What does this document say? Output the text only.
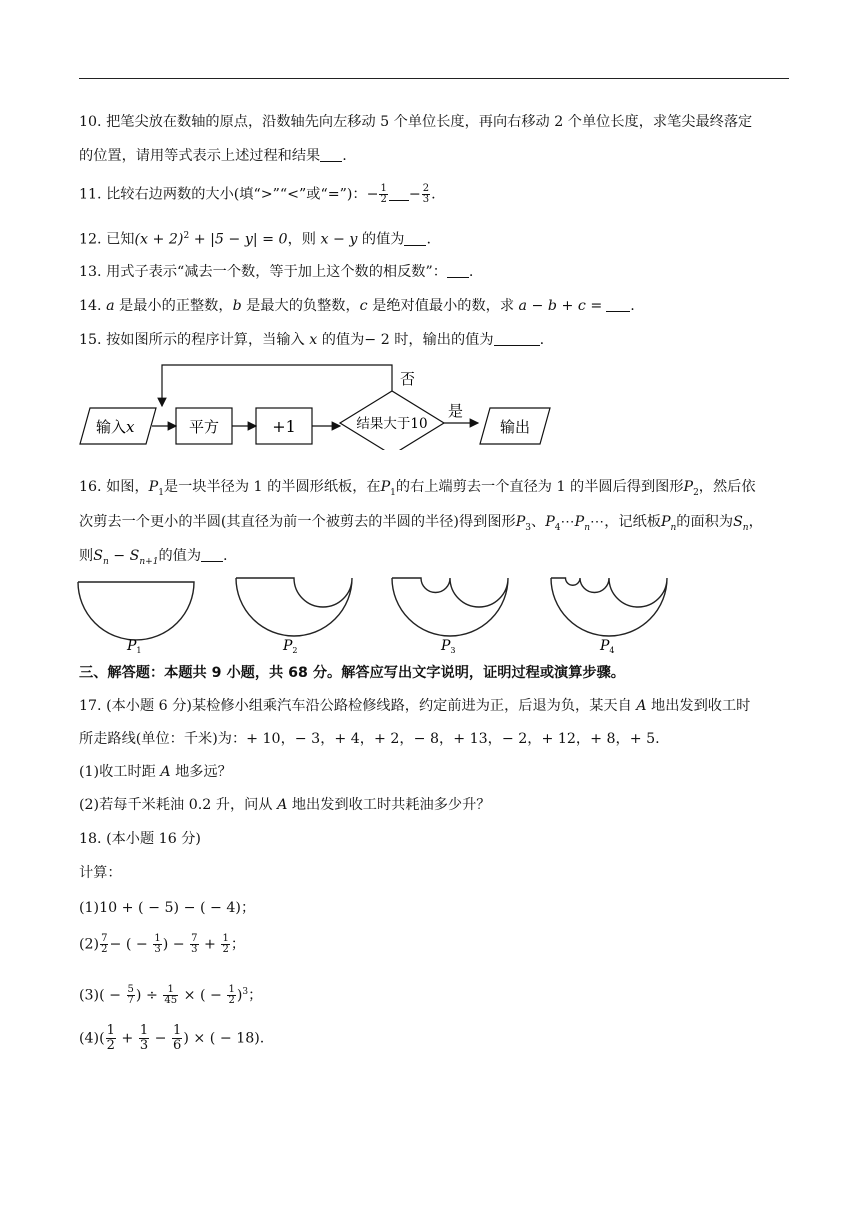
10. 把笔尖放在数轴的原点，沿数轴先向左移动 5 个单位长度，再向右移动 2 个单位长度，求笔尖最终落定
的位置，请用等式表示上述过程和结果 .
11. 比较右边两数的大小(填“>”“<”或“=”)：− $\frac{1}{2} - \frac{2}{3}$ .
12. 已知$(x + 2)^2 + |5 - y| = 0$，则 x − y 的值为 .
13. 用式子表示“减去一个数，等于加上这个数的相反数”： .
14. a 是最小的正整数，b 是最大的负整数，c 是绝对值最小的数，求 a − b + c = .
15. 按如图所示的程序计算，当输入 x 的值为− 2 时，输出的值为	.
输入x	平方	+1	结果大于10
否
是
输出
16. 如图，$P_1$是一块半径为 1 的半圆形纸板，在$P_1$的右上端剪去一个直径为 1 的半圆后得到图形$P_2$，然后依
次剪去一个更小的半圆(其直径为前一个被剪去的半圆的半径)得到图形$P_3$、$P_4\cdots P_n\cdots$，记纸板$P_n$的面积为$S_n$，
则$S_n - S_{n+1}$的值为 .
$P_1$	$P_2$	$P_3$	$P_4$
三、解答题：本题共 9 小题，共 68 分。解答应写出文字说明，证明过程或演算步骤。
17. (本小题 6 分)某检修小组乘汽车沿公路检修线路，约定前进为正，后退为负，某天自 A 地出发到收工时
所走路线(单位：千米)为：+ 10，− 3，+ 4，+ 2，− 8，+ 13，− 2，+ 12，+ 8，+ 5.
(1)收工时距 A 地多远？
(2)若每千米耗油 0.2 升，问从 A 地出发到收工时共耗油多少升？
18. (本小题 16 分)
计算：
(1)10 + ( − 5) − ( − 4)；
$(2) \frac{7}{2}$ − ( − $\frac{1}{3}$ ) − $\frac{7}{3} + \frac{1}{2}$ ；
$(3)( - \frac{5}{7}$ ) ÷ $\frac{1}{45}$ × ( − $\frac{1}{2} )^3$；
$(4)( \frac{1}{2} + \frac{1}{3} - \frac{1}{6}$ ) × ( − 18).
